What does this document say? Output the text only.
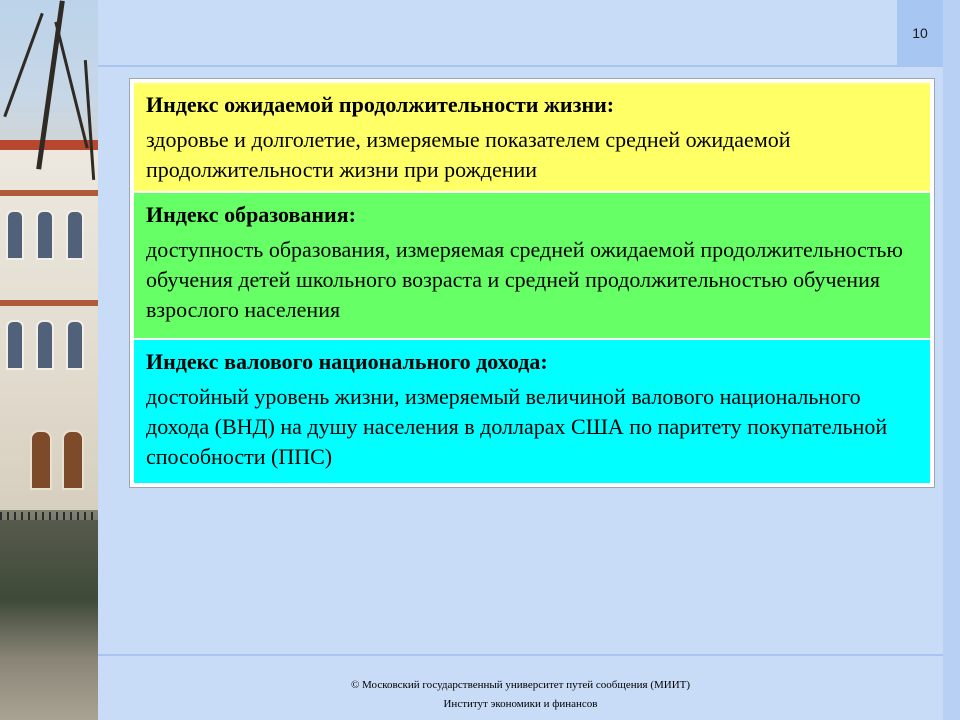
10

Индекс ожидаемой продолжительности жизни:

здоровье и долголетие, измеряемые показателем средней ожидаемой продолжительности жизни при рождении

Индекс образования:

доступность образования, измеряемая средней ожидаемой продолжительностью обучения детей школьного возраста и средней продолжительностью обучения взрослого населения

Индекс валового национального дохода:

достойный уровень жизни, измеряемый величиной валового национального дохода (ВНД) на душу населения в долларах США по паритету покупательной способности (ППС)

© Московский государственный университет путей сообщения (МИИТ)
Институт экономики и финансов
